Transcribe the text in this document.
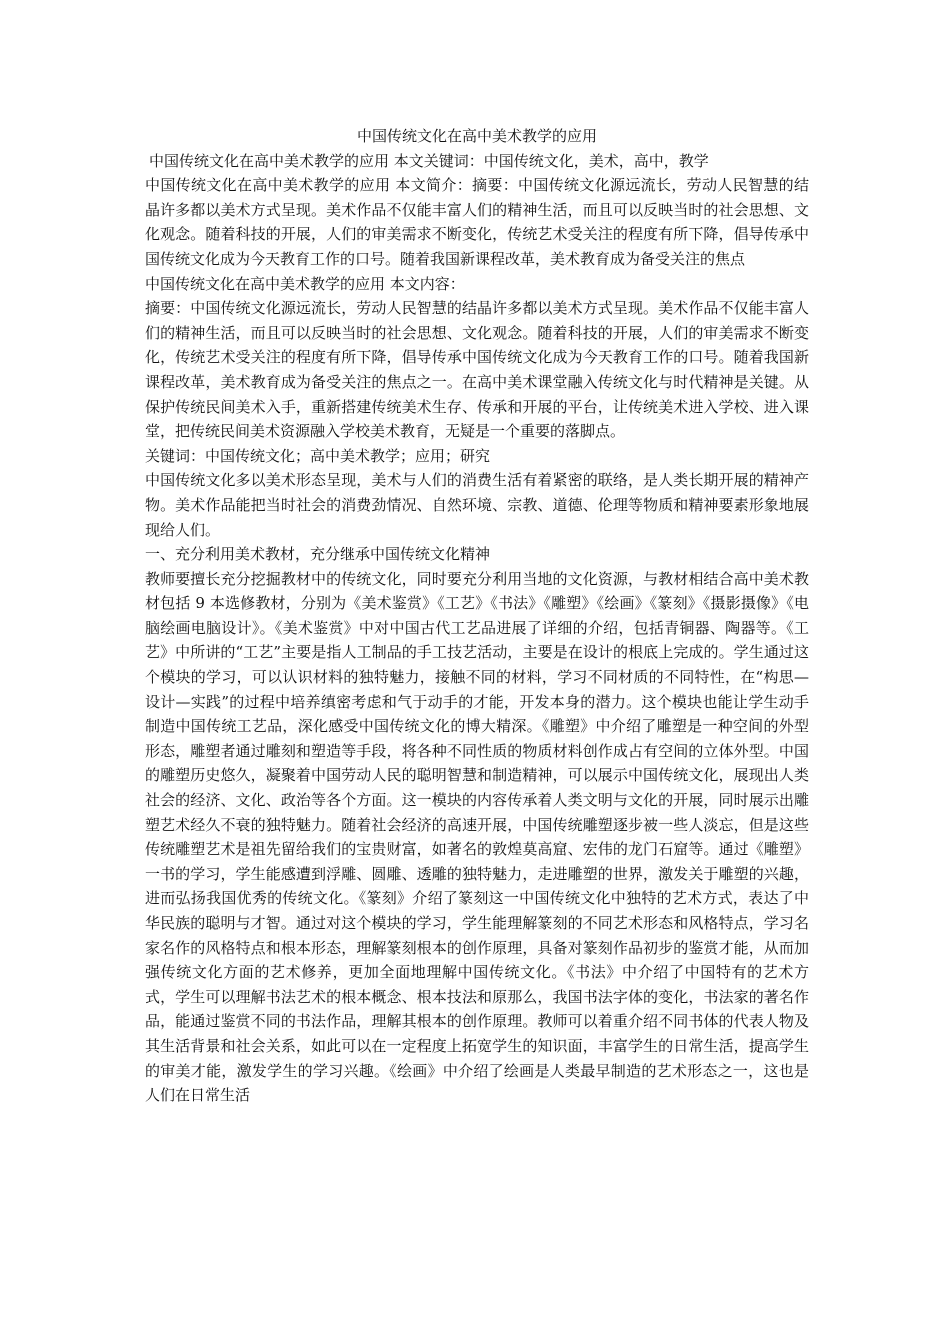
中国传统文化在高中美术教学的应用

中国传统文化在高中美术教学的应用 本文关键词：中国传统文化，美术，高中，教学

中国传统文化在高中美术教学的应用 本文简介：摘要：中国传统文化源远流长，劳动人民智慧的结晶许多都以美术方式呈现。美术作品不仅能丰富人们的精神生活，而且可以反映当时的社会思想、文化观念。随着科技的开展，人们的审美需求不断变化，传统艺术受关注的程度有所下降，倡导传承中国传统文化成为今天教育工作的口号。随着我国新课程改革，美术教育成为备受关注的焦点

中国传统文化在高中美术教学的应用 本文内容：

摘要：中国传统文化源远流长，劳动人民智慧的结晶许多都以美术方式呈现。美术作品不仅能丰富人们的精神生活，而且可以反映当时的社会思想、文化观念。随着科技的开展，人们的审美需求不断变化，传统艺术受关注的程度有所下降，倡导传承中国传统文化成为今天教育工作的口号。随着我国新课程改革，美术教育成为备受关注的焦点之一。在高中美术课堂融入传统文化与时代精神是关键。从保护传统民间美术入手，重新搭建传统美术生存、传承和开展的平台，让传统美术进入学校、进入课堂，把传统民间美术资源融入学校美术教育，无疑是一个重要的落脚点。

关键词：中国传统文化；高中美术教学；应用；研究

中国传统文化多以美术形态呈现，美术与人们的消费生活有着紧密的联络，是人类长期开展的精神产物。美术作品能把当时社会的消费劲情况、自然环境、宗教、道德、伦理等物质和精神要素形象地展现给人们。

一、充分利用美术教材，充分继承中国传统文化精神

教师要擅长充分挖掘教材中的传统文化，同时要充分利用当地的文化资源，与教材相结合高中美术教材包括 9 本选修教材，分别为《美术鉴赏》《工艺》《书法》《雕塑》《绘画》《篆刻》《摄影摄像》《电脑绘画电脑设计》。《美术鉴赏》中对中国古代工艺品进展了详细的介绍，包括青铜器、陶器等。《工艺》中所讲的“工艺”主要是指人工制品的手工技艺活动，主要是在设计的根底上完成的。学生通过这个模块的学习，可以认识材料的独特魅力，接触不同的材料，学习不同材质的不同特性，在“构思—设计—实践”的过程中培养缜密考虑和气于动手的才能，开发本身的潜力。这个模块也能让学生动手制造中国传统工艺品，深化感受中国传统文化的博大精深。《雕塑》中介绍了雕塑是一种空间的外型形态，雕塑者通过雕刻和塑造等手段，将各种不同性质的物质材料创作成占有空间的立体外型。中国的雕塑历史悠久，凝聚着中国劳动人民的聪明智慧和制造精神，可以展示中国传统文化，展现出人类社会的经济、文化、政治等各个方面。这一模块的内容传承着人类文明与文化的开展，同时展示出雕塑艺术经久不衰的独特魅力。随着社会经济的高速开展，中国传统雕塑逐步被一些人淡忘，但是这些传统雕塑艺术是祖先留给我们的宝贵财富，如著名的敦煌莫高窟、宏伟的龙门石窟等。通过《雕塑》一书的学习，学生能感遭到浮雕、圆雕、透雕的独特魅力，走进雕塑的世界，激发关于雕塑的兴趣，进而弘扬我国优秀的传统文化。《篆刻》介绍了篆刻这一中国传统文化中独特的艺术方式，表达了中华民族的聪明与才智。通过对这个模块的学习，学生能理解篆刻的不同艺术形态和风格特点，学习名家名作的风格特点和根本形态，理解篆刻根本的创作原理，具备对篆刻作品初步的鉴赏才能，从而加强传统文化方面的艺术修养，更加全面地理解中国传统文化。《书法》中介绍了中国特有的艺术方式，学生可以理解书法艺术的根本概念、根本技法和原那么，我国书法字体的变化，书法家的著名作品，能通过鉴赏不同的书法作品，理解其根本的创作原理。教师可以着重介绍不同书体的代表人物及其生活背景和社会关系，如此可以在一定程度上拓宽学生的知识面，丰富学生的日常生活，提高学生的审美才能，激发学生的学习兴趣。《绘画》中介绍了绘画是人类最早制造的艺术形态之一，这也是人们在日常生活
